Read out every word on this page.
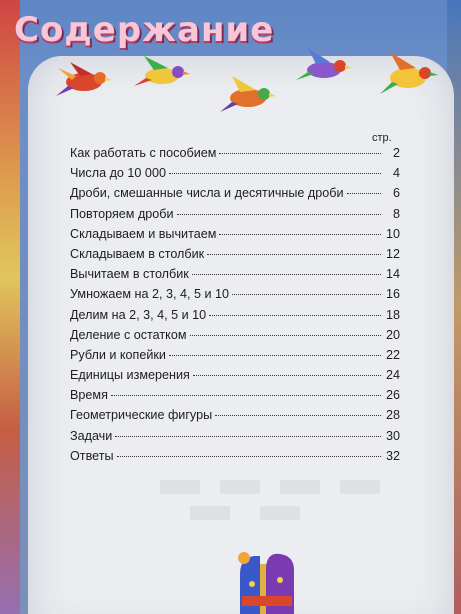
Содержание
стр.
Как работать с пособием	2
Числа до 10 000	4
Дроби, смешанные числа и десятичные дроби	6
Повторяем дроби	8
Складываем и вычитаем	10
Складываем в столбик	12
Вычитаем в столбик	14
Умножаем на 2, 3, 4, 5 и 10	16
Делим на 2, 3, 4, 5 и 10	18
Деление с остатком	20
Рубли и копейки	22
Единицы измерения	24
Время	26
Геометрические фигуры	28
Задачи	30
Ответы	32
